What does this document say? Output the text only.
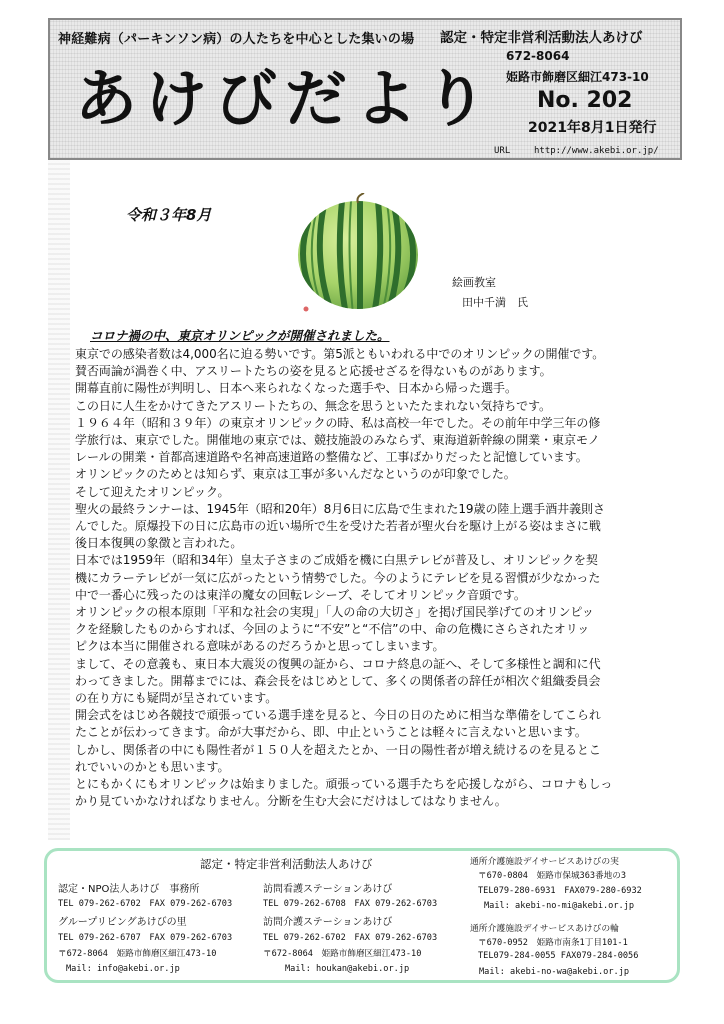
神経難病（パーキンソン病）の人たちを中心とした集いの場
あけびだより
認定・特定非営利活動法人あけび
672-8064
姫路市飾磨区細江473-10
No. 202
2021年8月1日発行
URL	http://www.akebi.or.jp/
令和３年8月
絵画教室
田中千満　氏
コロナ禍の中、東京オリンピックが開催されました。
東京での感染者数は4,000名に迫る勢いです。第5派ともいわれる中でのオリンピックの開催です。
賛否両論が渦巻く中、アスリートたちの姿を見ると応援せざるを得ないものがあります。
開幕直前に陽性が判明し、日本へ来られなくなった選手や、日本から帰った選手。
この日に人生をかけてきたアスリートたちの、無念を思うといたたまれない気持ちです。
１９６４年（昭和３９年）の東京オリンピックの時、私は高校一年でした。その前年中学三年の修
学旅行は、東京でした。開催地の東京では、競技施設のみならず、東海道新幹線の開業・東京モノ
レールの開業・首都高速道路や名神高速道路の整備など、工事ばかりだったと記憶しています。
オリンピックのためとは知らず、東京は工事が多いんだなというのが印象でした。
そして迎えたオリンピック。
聖火の最終ランナーは、1945年（昭和20年）8月6日に広島で生まれた19歳の陸上選手酒井義則さ
んでした。原爆投下の日に広島市の近い場所で生を受けた若者が聖火台を駆け上がる姿はまさに戦
後日本復興の象徴と言われた。
日本では1959年（昭和34年）皇太子さまのご成婚を機に白黒テレビが普及し、オリンピックを契
機にカラーテレビが一気に広がったという情勢でした。今のようにテレビを見る習慣が少なかった
中で一番心に残ったのは東洋の魔女の回転レシーブ、そしてオリンピック音頭です。
オリンピックの根本原則「平和な社会の実現」「人の命の大切さ」を掲げ国民挙げてのオリンピッ
クを経験したものからすれば、今回のように“不安”と“不信”の中、命の危機にさらされたオリッ
ピクは本当に開催される意味があるのだろうかと思ってしまいます。
まして、その意義も、東日本大震災の復興の証から、コロナ終息の証へ、そして多様性と調和に代
わってきました。開幕までには、森会長をはじめとして、多くの関係者の辞任が相次ぐ組織委員会
の在り方にも疑問が呈されています。
開会式をはじめ各競技で頑張っている選手達を見ると、今日の日のために相当な準備をしてこられ
たことが伝わってきます。命が大事だから、即、中止ということは軽々に言えないと思います。
しかし、関係者の中にも陽性者が１５０人を超えたとか、一日の陽性者が増え続けるのを見るとこ
れでいいのかとも思います。
とにもかくにもオリンピックは始まりました。頑張っている選手たちを応援しながら、コロナもしっ
かり見ていかなければなりません。分断を生む大会にだけはしてはなりません。
認定・特定非営利活動法人あけび
認定・NPO法人あけび　事務所
TEL 079-262-6702　FAX 079-262-6703
グループリビングあけびの里
TEL 079-262-6707　FAX 079-262-6703
〒672-8064　姫路市飾磨区細江473-10
Mail: info@akebi.or.jp
訪問看護ステーションあけび
TEL 079-262-6708　FAX 079-262-6703
訪問介護ステーションあけび
TEL 079-262-6702　FAX 079-262-6703
〒672-8064　姫路市飾磨区細江473-10
Mail: houkan@akebi.or.jp
通所介護施設デイサービスあけびの実
〒670-0804　姫路市保城363番地の3
TEL079-280-6931　FAX079-280-6932
Mail: akebi-no-mi@akebi.or.jp
通所介護施設デイサービスあけびの輪
〒670-0952　姫路市南条1丁目101-1
TEL079-284-0055 FAX079-284-0056
Mail: akebi-no-wa@akebi.or.jp
